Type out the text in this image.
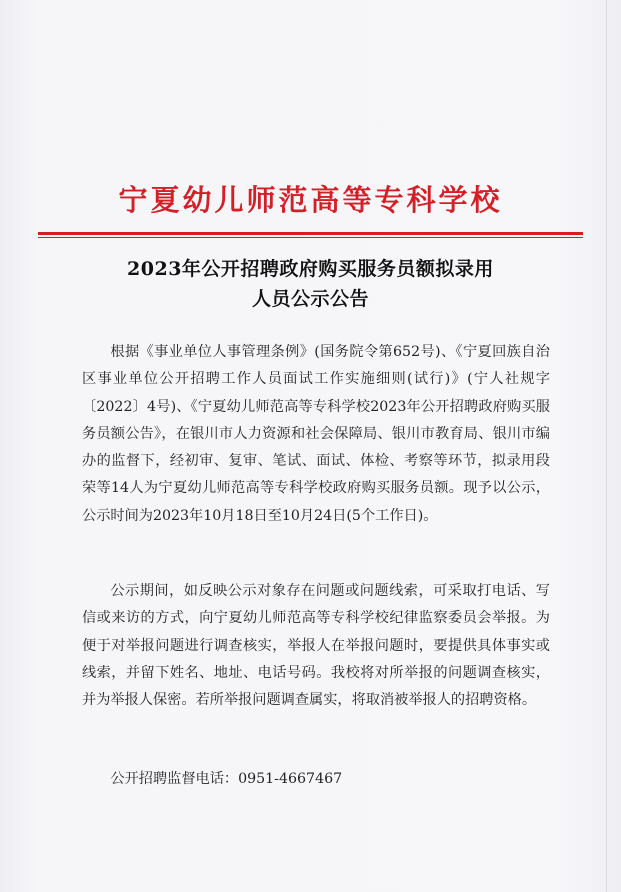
宁夏幼儿师范高等专科学校
2023年公开招聘政府购买服务员额拟录用
人员公示公告

根据《事业单位人事管理条例》(国务院令第652号)、《宁夏回族自治区事业单位公开招聘工作人员面试工作实施细则(试行)》(宁人社规字〔2022〕4号)、《宁夏幼儿师范高等专科学校2023年公开招聘政府购买服务员额公告》，在银川市人力资源和社会保障局、银川市教育局、银川市编办的监督下，经初审、复审、笔试、面试、体检、考察等环节，拟录用段荣等14人为宁夏幼儿师范高等专科学校政府购买服务员额。现予以公示，公示时间为2023年10月18日至10月24日(5个工作日)。

公示期间，如反映公示对象存在问题或问题线索，可采取打电话、写信或来访的方式，向宁夏幼儿师范高等专科学校纪律监察委员会举报。为便于对举报问题进行调查核实，举报人在举报问题时，要提供具体事实或线索，并留下姓名、地址、电话号码。我校将对所举报的问题调查核实，并为举报人保密。若所举报问题调查属实，将取消被举报人的招聘资格。

公开招聘监督电话：0951-4667467
